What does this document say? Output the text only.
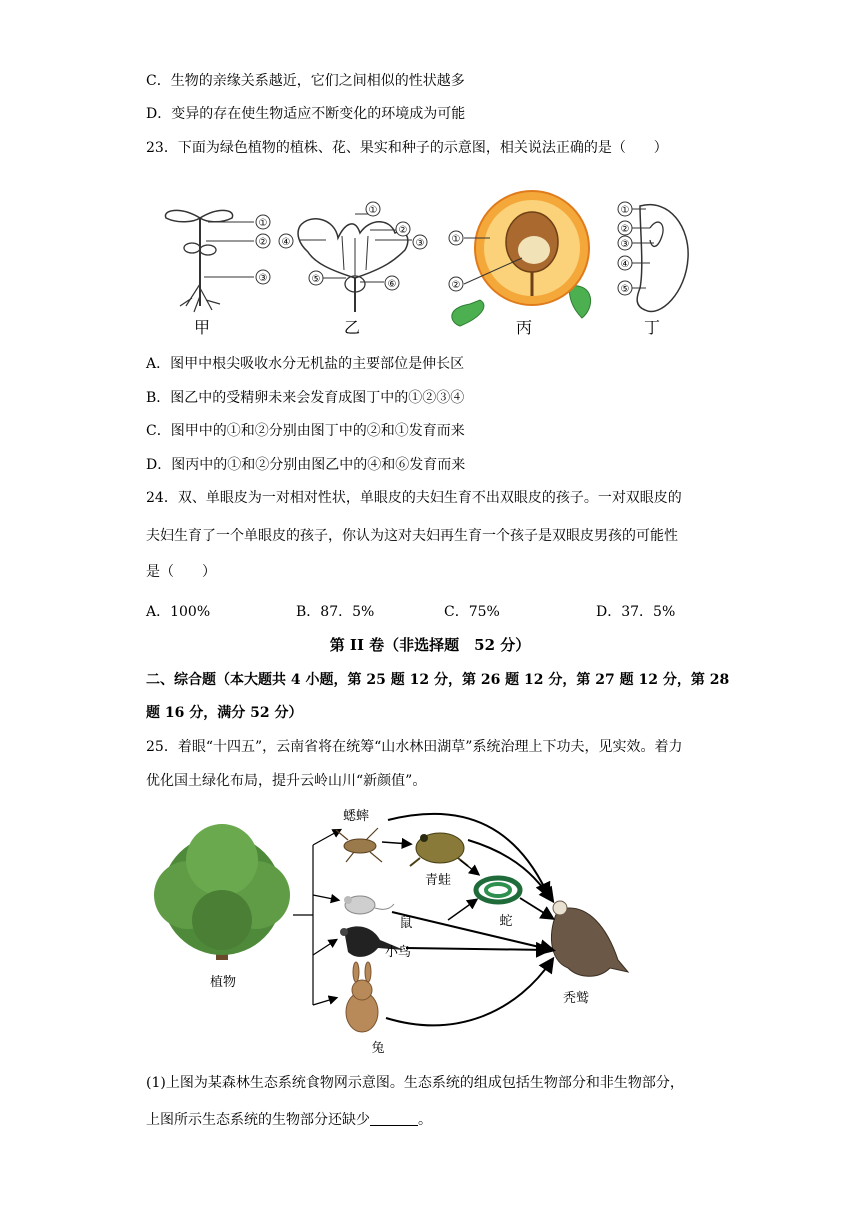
C．生物的亲缘关系越近，它们之间相似的性状越多
D．变异的存在使生物适应不断变化的环境成为可能
23．下面为绿色植物的植株、花、果实和种子的示意图，相关说法正确的是（　　）
①
②
③
①
②
③
④
⑤	⑥
①
②
①
②
③
④
⑤
甲	乙	丙	丁
A．图甲中根尖吸收水分无机盐的主要部位是伸长区
B．图乙中的受精卵未来会发育成图丁中的①②③④
C．图甲中的①和②分别由图丁中的②和①发育而来
D．图丙中的①和②分别由图乙中的④和⑥发育而来
24．双、单眼皮为一对相对性状，单眼皮的夫妇生育不出双眼皮的孩子。一对双眼皮的
夫妇生育了一个单眼皮的孩子，你认为这对夫妇再生育一个孩子是双眼皮男孩的可能性
是（　　）
A．100%	B．87．5%	C．75%	D．37．5%
第 II 卷（非选择题　52 分）
二、综合题（本大题共 4 小题，第 25 题 12 分，第 26 题 12 分，第 27 题 12 分，第 28
题 16 分，满分 52 分）
25．着眼“十四五”，云南省将在统筹“山水林田湖草”系统治理上下功夫，见实效。着力
优化国土绿化布局，提升云岭山川“新颜值”。
植物
蟋蟀
青蛙
蛇
鼠
小鸟
兔
秃鹫
(1)上图为某森林生态系统食物网示意图。生态系统的组成包括生物部分和非生物部分，
上图所示生态系统的生物部分还缺少	。
